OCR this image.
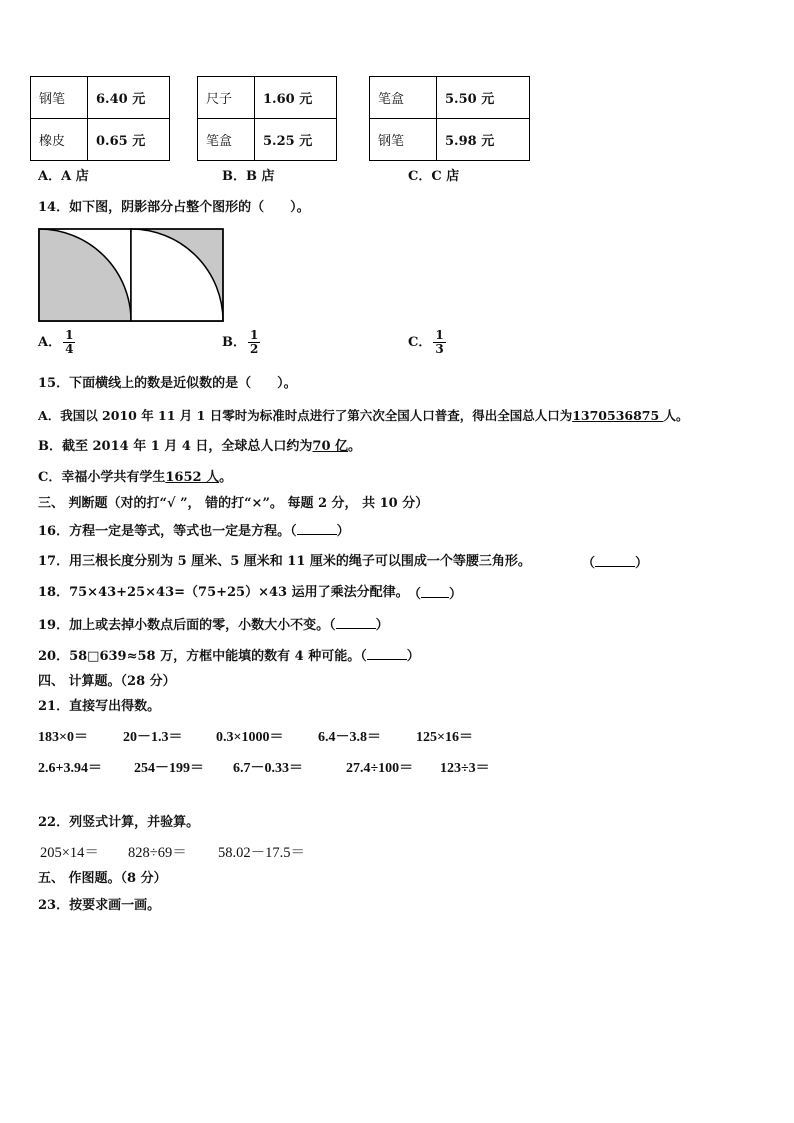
钢笔	6.40 元
橡皮	0.65 元
尺子	1.60 元
笔盒	5.25 元
笔盒	5.50 元
钢笔	5.98 元
A．A 店	B．B 店	C．C 店
14．如下图，阴影部分占整个图形的（　　）。
A． $\frac{1}{4}$	B． $\frac{1}{2}$	C． $\frac{1}{3}$
15．下面横线上的数是近似数的是（　　）。
A．我国以 2010 年 11 月 1 日零时为标准时点进行了第六次全国人口普查，得出全国总人口为1370536875 人。
B．截至 2014 年 1 月 4 日，全球总人口约为70 亿。
C．幸福小学共有学生1652 人。
三、 判断题（对的打“√ ”， 错的打“×”。 每题 2 分， 共 10 分）
16．方程一定是等式，等式也一定是方程。（	）
17．用三根长度分别为 5 厘米、5 厘米和 11 厘米的绳子可以围成一个等腰三角形。	（	）
18．75×43+25×43=（75+25）×43 运用了乘法分配律。 （ ）
19．加上或去掉小数点后面的零，小数大小不变。（	）
20．58□639≈58 万，方框中能填的数有 4 种可能。（	）
四、 计算题。（28 分）
21．直接写出得数。
183×0＝	20－1.3＝ 0.3×1000＝ 6.4－3.8＝	125×16＝
2.6+3.94＝ 254－199＝ 6.7－0.33＝	27.4÷100＝ 123÷3＝
22．列竖式计算，并验算。
205×14＝ 828÷69＝ 58.02－17.5＝
五、 作图题。（8 分）
23．按要求画一画。
